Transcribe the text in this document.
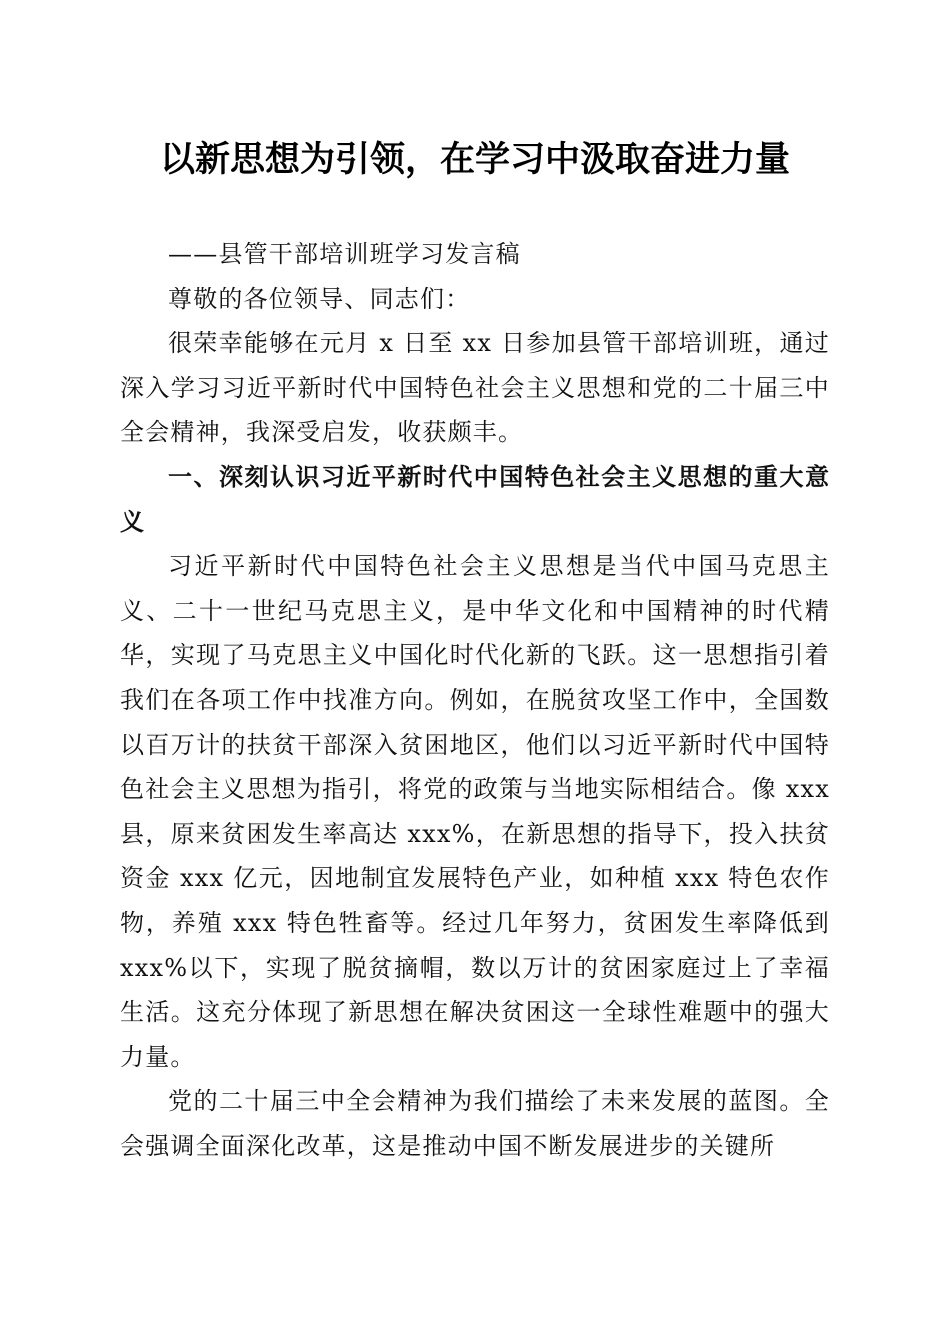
以新思想为引领，在学习中汲取奋进力量

——县管干部培训班学习发言稿

尊敬的各位领导、同志们：

很荣幸能够在元月 x 日至 xx 日参加县管干部培训班，通过深入学习习近平新时代中国特色社会主义思想和党的二十届三中全会精神，我深受启发，收获颇丰。

一、深刻认识习近平新时代中国特色社会主义思想的重大意义

习近平新时代中国特色社会主义思想是当代中国马克思主义、二十一世纪马克思主义，是中华文化和中国精神的时代精华，实现了马克思主义中国化时代化新的飞跃。这一思想指引着我们在各项工作中找准方向。例如，在脱贫攻坚工作中，全国数以百万计的扶贫干部深入贫困地区，他们以习近平新时代中国特色社会主义思想为指引，将党的政策与当地实际相结合。像 xxx 县，原来贫困发生率高达 xxx%，在新思想的指导下，投入扶贫资金 xxx 亿元，因地制宜发展特色产业，如种植 xxx 特色农作物，养殖 xxx 特色牲畜等。经过几年努力，贫困发生率降低到 xxx%以下，实现了脱贫摘帽，数以万计的贫困家庭过上了幸福生活。这充分体现了新思想在解决贫困这一全球性难题中的强大力量。

党的二十届三中全会精神为我们描绘了未来发展的蓝图。全会强调全面深化改革，这是推动中国不断发展进步的关键所
